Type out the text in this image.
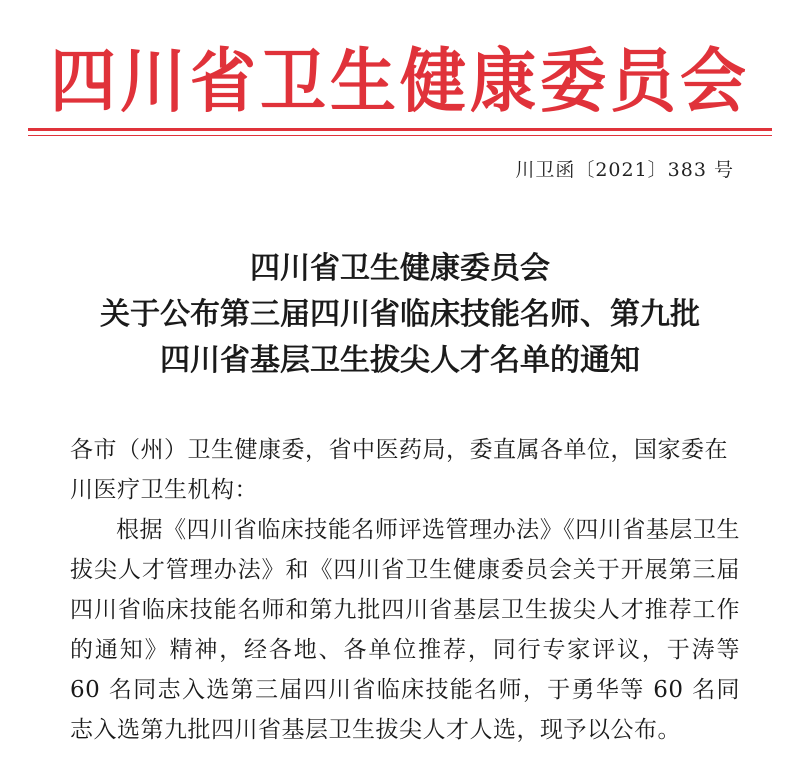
四川省卫生健康委员会
川卫函〔2021〕383 号
四川省卫生健康委员会
关于公布第三届四川省临床技能名师、第九批
四川省基层卫生拔尖人才名单的通知

各市（州）卫生健康委，省中医药局，委直属各单位，国家委在川医疗卫生机构：

根据《四川省临床技能名师评选管理办法》《四川省基层卫生拔尖人才管理办法》和《四川省卫生健康委员会关于开展第三届四川省临床技能名师和第九批四川省基层卫生拔尖人才推荐工作的通知》精神，经各地、各单位推荐，同行专家评议，于涛等 60 名同志入选第三届四川省临床技能名师，于勇华等 60 名同志入选第九批四川省基层卫生拔尖人才人选，现予以公布。
